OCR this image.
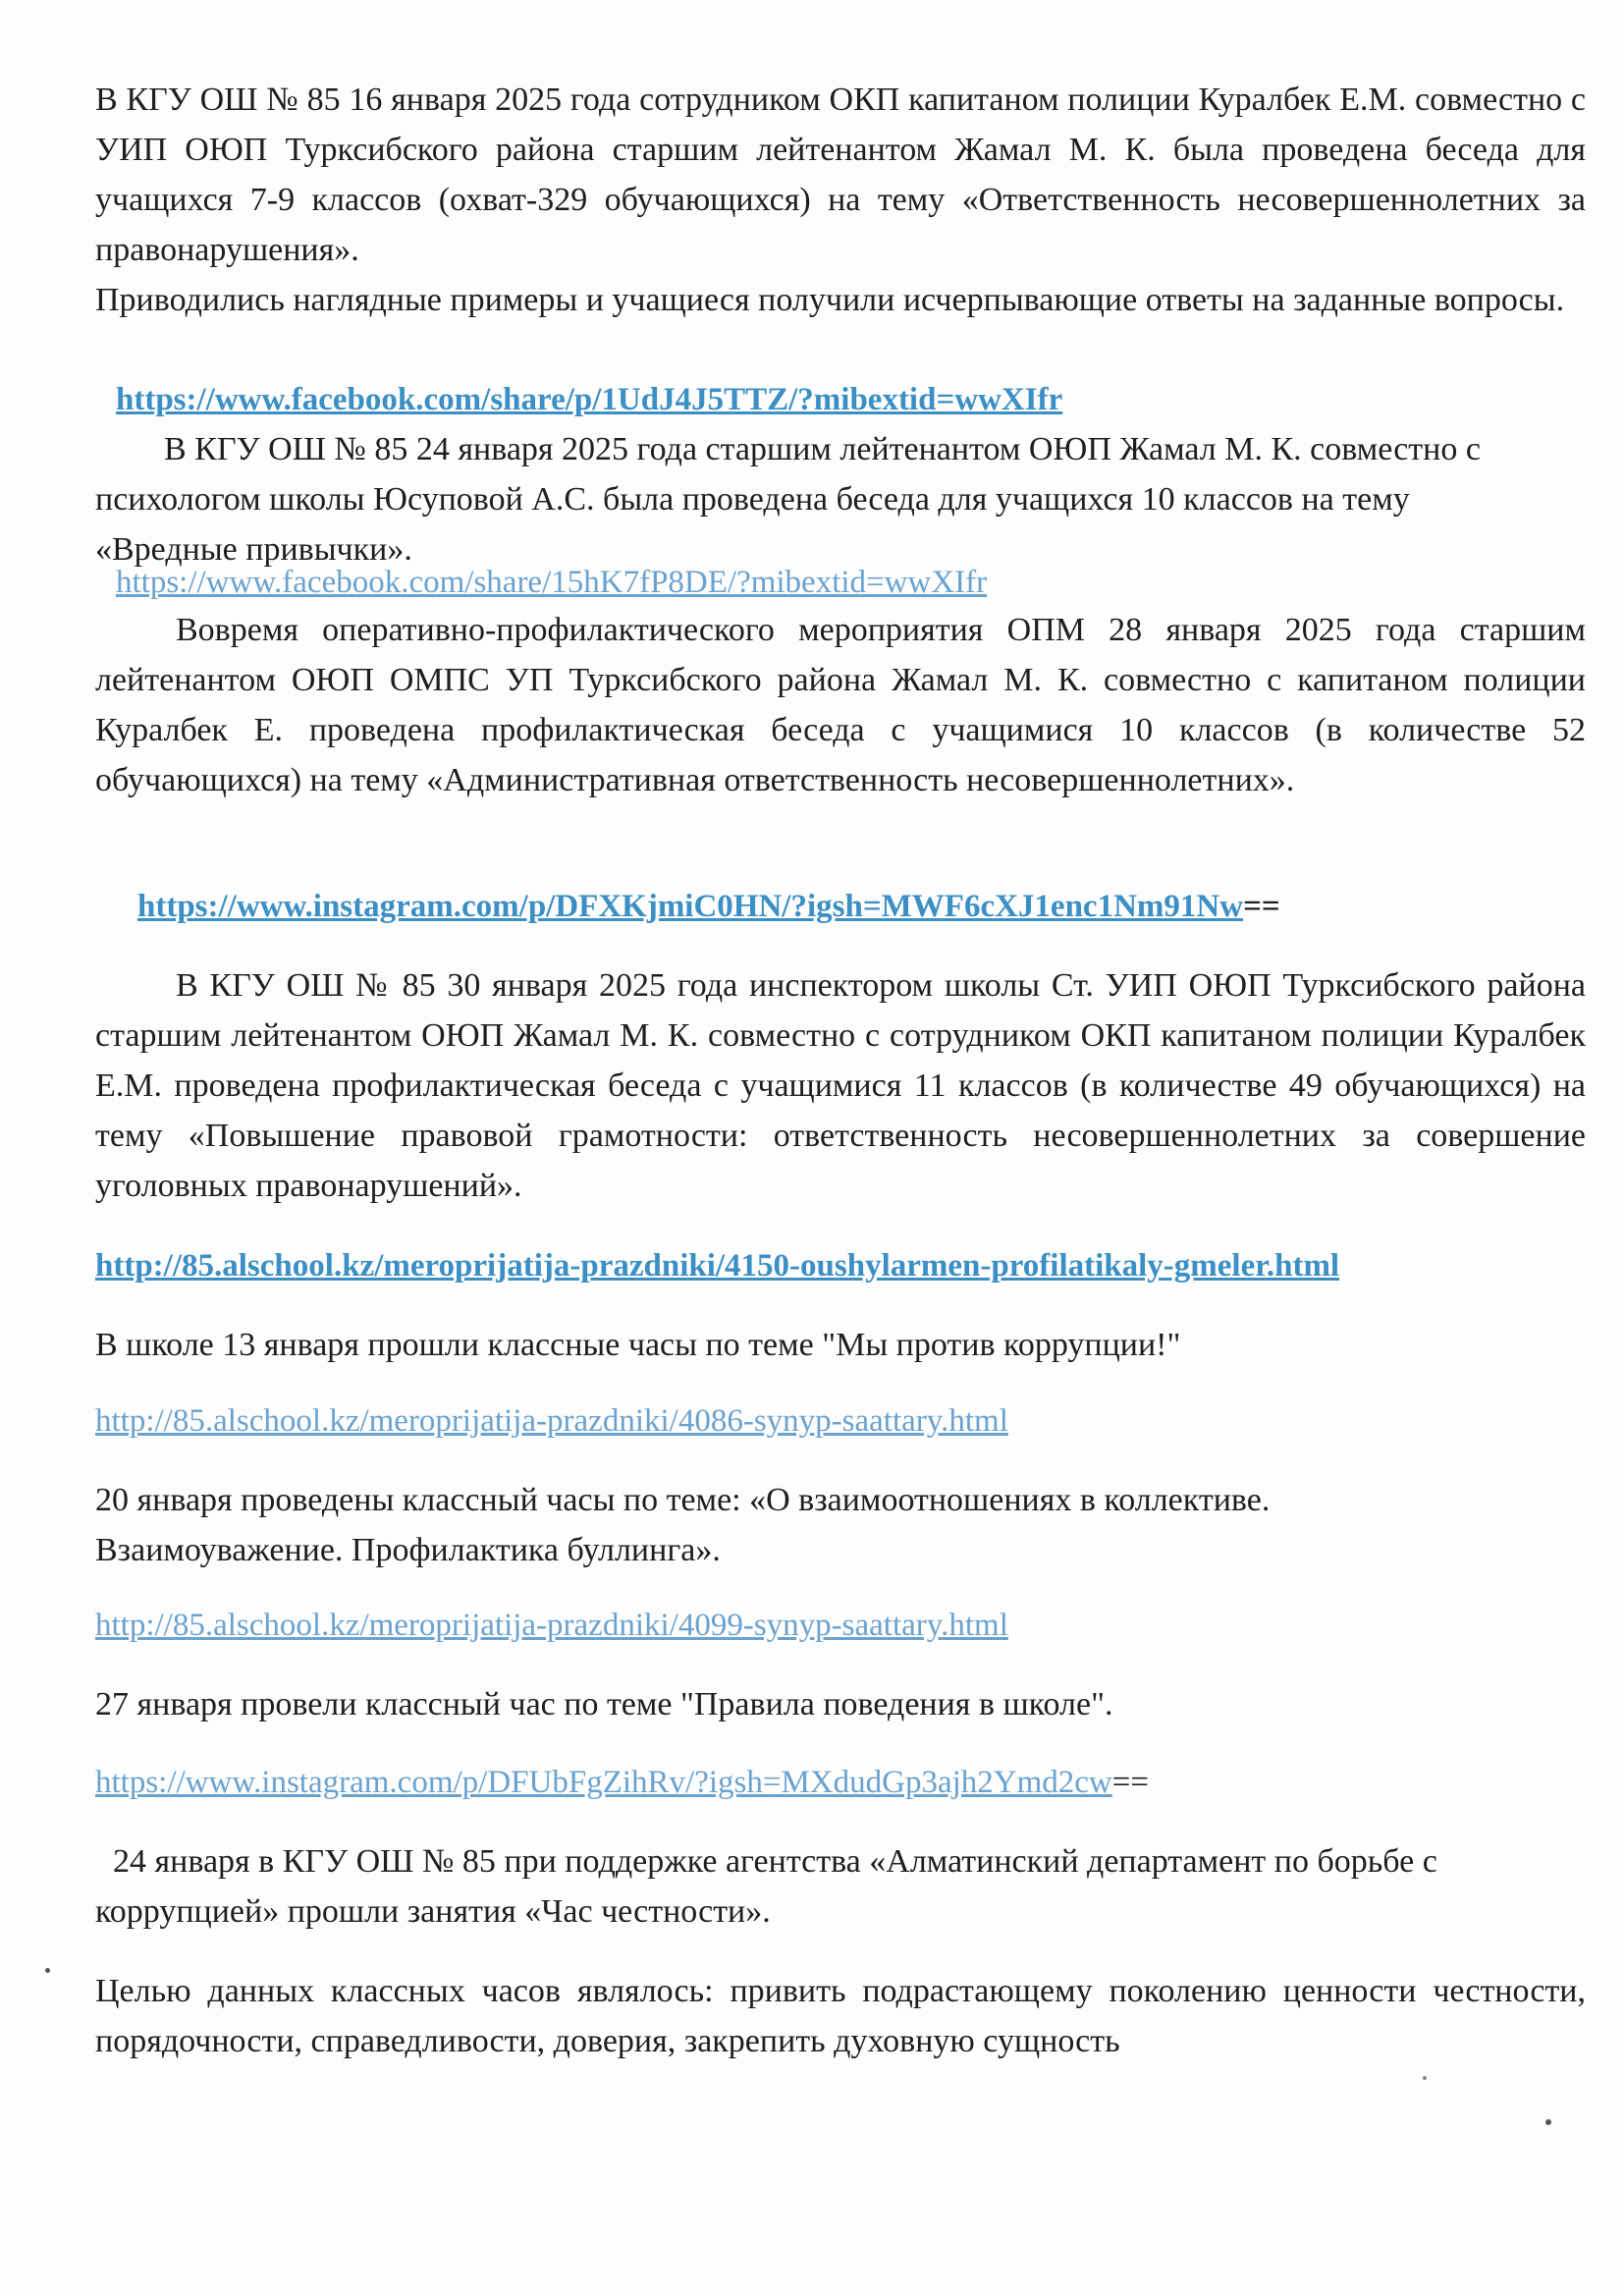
В КГУ ОШ № 85 16 января 2025 года сотрудником ОКП капитаном полиции Куралбек Е.М. совместно с УИП ОЮП Турксибского района старшим лейтенантом Жамал М. К. была проведена беседа для учащихся 7-9 классов (охват-329 обучающихся) на тему «Ответственность несовершеннолетних за правонарушения».

Приводились наглядные примеры и учащиеся получили исчерпывающие ответы на заданные вопросы.

https://www.facebook.com/share/p/1UdJ4J5TTZ/?mibextid=wwXIfr

В КГУ ОШ № 85 24 января 2025 года старшим лейтенантом ОЮП Жамал М. К. совместно с психологом школы Юсуповой А.С. была проведена беседа для учащихся 10 классов на тему «Вредные привычки».

https://www.facebook.com/share/15hK7fP8DE/?mibextid=wwXIfr

Вовремя оперативно-профилактического мероприятия ОПМ 28 января 2025 года старшим лейтенантом ОЮП ОМПС УП Турксибского района Жамал М. К. совместно с капитаном полиции Куралбек Е. проведена профилактическая беседа с учащимися 10 классов (в количестве 52 обучающихся) на тему «Административная ответственность несовершеннолетних».

https://www.instagram.com/p/DFXKjmiC0HN/?igsh=MWF6cXJ1enc1Nm91Nw==

В КГУ ОШ № 85 30 января 2025 года инспектором школы Ст. УИП ОЮП Турксибского района старшим лейтенантом ОЮП Жамал М. К. совместно с сотрудником ОКП капитаном полиции Куралбек Е.М. проведена профилактическая беседа с учащимися 11 классов (в количестве 49 обучающихся) на тему «Повышение правовой грамотности: ответственность несовершеннолетних за совершение уголовных правонарушений».

http://85.alschool.kz/meroprijatija-prazdniki/4150-oushylarmen-profilatikaly-gmeler.html

В школе 13 января прошли классные часы по теме "Мы против коррупции!"

http://85.alschool.kz/meroprijatija-prazdniki/4086-synyp-saattary.html

20 января проведены классный часы по теме: «О взаимоотношениях в коллективе. Взаимоуважение. Профилактика буллинга».

http://85.alschool.kz/meroprijatija-prazdniki/4099-synyp-saattary.html

27 января провели классный час по теме "Правила поведения в школе".

https://www.instagram.com/p/DFUbFgZihRv/?igsh=MXdudGp3ajh2Ymd2cw==

24 января в КГУ ОШ № 85 при поддержке агентства «Алматинский департамент по борьбе с коррупцией» прошли занятия «Час честности».

Целью данных классных часов являлось: привить подрастающему поколению ценности честности, порядочности, справедливости, доверия, закрепить духовную сущность
